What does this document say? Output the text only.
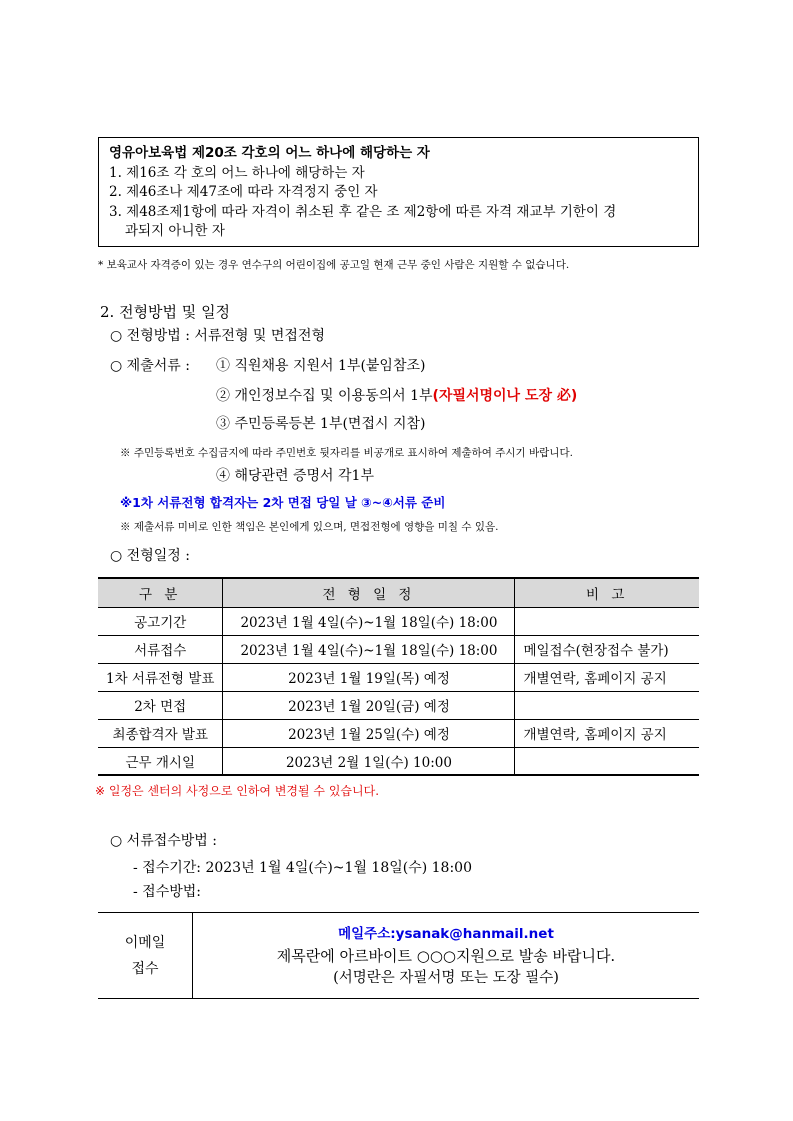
영유아보육법 제20조 각호의 어느 하나에 해당하는 자
1. 제16조 각 호의 어느 하나에 해당하는 자
2. 제46조나 제47조에 따라 자격정지 중인 자
3. 제48조제1항에 따라 자격이 취소된 후 같은 조 제2항에 따른 자격 재교부 기한이 경
과되지 아니한 자
* 보육교사 자격증이 있는 경우 연수구의 어린이집에 공고일 현재 근무 중인 사람은 지원할 수 없습니다.
2. 전형방법 및 일정
○ 전형방법 : 서류전형 및 면접전형
○ 제출서류 : ① 직원채용 지원서 1부(붙임참조)
② 개인정보수집 및 이용동의서 1부(자필서명이나 도장 必)
③ 주민등록등본 1부(면접시 지참)
※ 주민등록번호 수집금지에 따라 주민번호 뒷자리를 비공개로 표시하여 제출하여 주시기 바랍니다.
④ 해당관련 증명서 각1부
※1차 서류전형 합격자는 2차 면접 당일 날 ③~④서류 준비
※ 제출서류 미비로 인한 책임은 본인에게 있으며, 면접전형에 영향을 미칠 수 있음.
○ 전형일정 :
구 분	전 형 일 정	비 고
공고기간	2023년 1월 4일(수)~1월 18일(수) 18:00	
서류접수	2023년 1월 4일(수)~1월 18일(수) 18:00	메일접수(현장접수 불가)
1차 서류전형 발표	2023년 1월 19일(목) 예정	개별연락, 홈페이지 공지
2차 면접	2023년 1월 20일(금) 예정	
최종합격자 발표	2023년 1월 25일(수) 예정	개별연락, 홈페이지 공지
근무 개시일	2023년 2월 1일(수) 10:00	
※ 일정은 센터의 사정으로 인하여 변경될 수 있습니다.
○ 서류접수방법 :
- 접수기간: 2023년 1월 4일(수)~1월 18일(수) 18:00
- 접수방법:
이메일
접수
메일주소:ysanak@hanmail.net
제목란에 아르바이트 ○○○지원으로 발송 바랍니다.
(서명란은 자필서명 또는 도장 필수)
